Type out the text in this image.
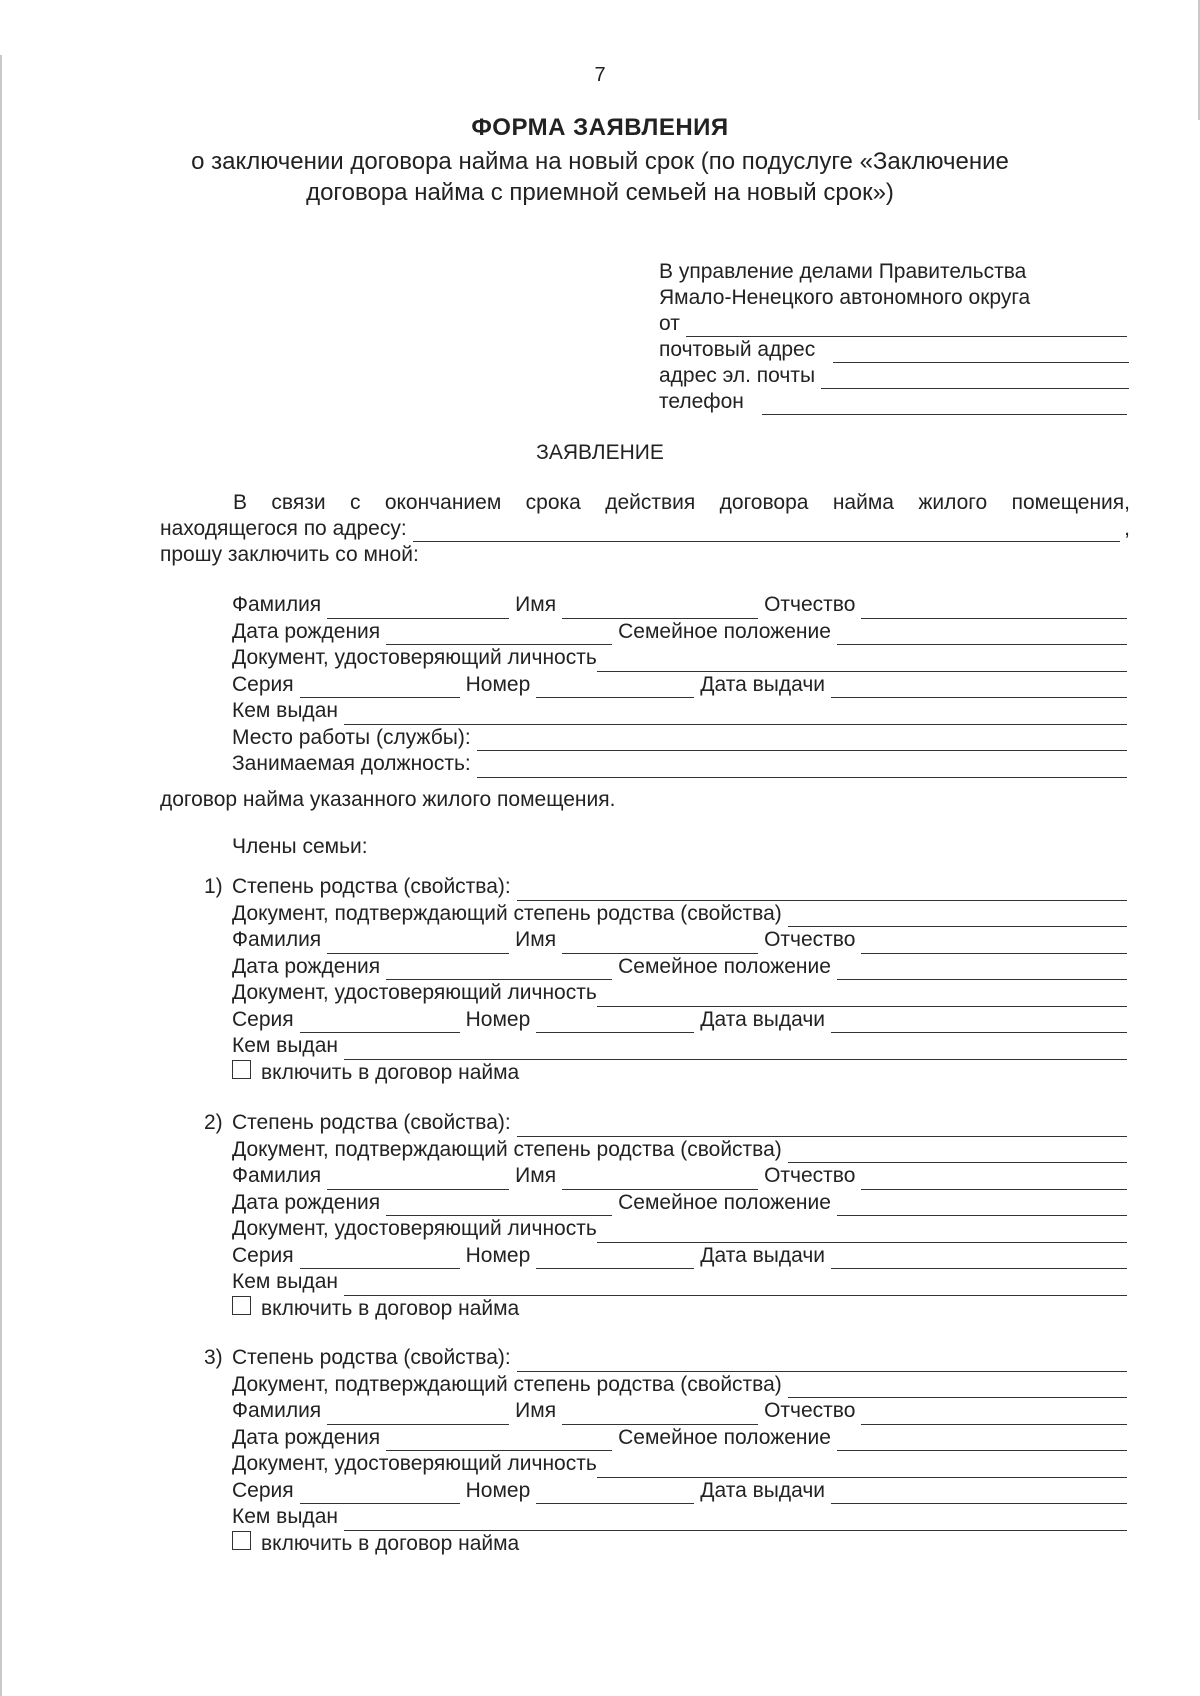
7
ФОРМА ЗАЯВЛЕНИЯ
о заключении договора найма на новый срок (по подуслуге «Заключение договора найма с приемной семьей на новый срок»)
В управление делами Правительства
Ямало-Ненецкого автономного округа
от
почтовый адрес
адрес эл. почты
телефон
ЗАЯВЛЕНИЕ
В связи с окончанием срока действия договора найма жилого помещения,
находящегося по адресу:	,
прошу заключить со мной:
Фамилия	Имя	Отчество
Дата рождения	Семейное положение
Документ, удостоверяющий личность
Серия	Номер	Дата выдачи
Кем выдан
Место работы (службы):
Занимаемая должность:
договор найма указанного жилого помещения.
Члены семьи:
1) Степень родства (свойства):
Документ, подтверждающий степень родства (свойства)
Фамилия	Имя	Отчество
Дата рождения	Семейное положение
Документ, удостоверяющий личность
Серия	Номер	Дата выдачи
Кем выдан
включить в договор найма
2) Степень родства (свойства):
Документ, подтверждающий степень родства (свойства)
Фамилия	Имя	Отчество
Дата рождения	Семейное положение
Документ, удостоверяющий личность
Серия	Номер	Дата выдачи
Кем выдан
включить в договор найма
3) Степень родства (свойства):
Документ, подтверждающий степень родства (свойства)
Фамилия	Имя	Отчество
Дата рождения	Семейное положение
Документ, удостоверяющий личность
Серия	Номер	Дата выдачи
Кем выдан
включить в договор найма
